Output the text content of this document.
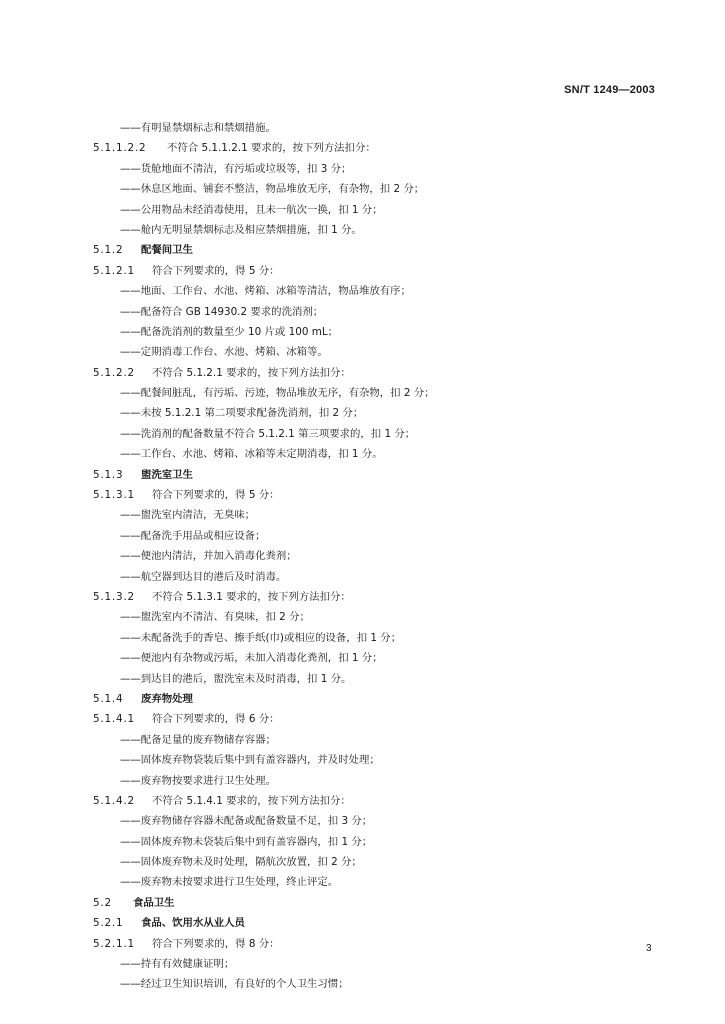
SN/T 1249—2003
——有明显禁烟标志和禁烟措施。
5.1.1.2.2 不符合 5.1.1.2.1 要求的，按下列方法扣分：
——货舱地面不清洁，有污垢或垃圾等，扣 3 分；
——休息区地面、铺套不整洁，物品堆放无序，有杂物，扣 2 分；
——公用物品未经消毒使用，且未一航次一换，扣 1 分；
——舱内无明显禁烟标志及相应禁烟措施，扣 1 分。
5.1.2 配餐间卫生
5.1.2.1 符合下列要求的，得 5 分：
——地面、工作台、水池、烤箱、冰箱等清洁，物品堆放有序；
——配备符合 GB 14930.2 要求的洗消剂；
——配备洗消剂的数量至少 10 片或 100 mL；
——定期消毒工作台、水池、烤箱、冰箱等。
5.1.2.2 不符合 5.1.2.1 要求的，按下列方法扣分：
——配餐间脏乱，有污垢、污迹，物品堆放无序，有杂物，扣 2 分；
——未按 5.1.2.1 第二项要求配备洗消剂，扣 2 分；
——洗消剂的配备数量不符合 5.1.2.1 第三项要求的，扣 1 分；
——工作台、水池、烤箱、冰箱等未定期消毒，扣 1 分。
5.1.3 盥洗室卫生
5.1.3.1 符合下列要求的，得 5 分：
——盥洗室内清洁，无臭味；
——配备洗手用品或相应设备；
——便池内清洁，并加入消毒化粪剂；
——航空器到达目的港后及时消毒。
5.1.3.2 不符合 5.1.3.1 要求的，按下列方法扣分：
——盥洗室内不清洁、有臭味，扣 2 分；
——未配备洗手的香皂、擦手纸(巾)或相应的设备，扣 1 分；
——便池内有杂物或污垢，未加入消毒化粪剂，扣 1 分；
——到达目的港后，盥洗室未及时消毒，扣 1 分。
5.1.4 废弃物处理
5.1.4.1 符合下列要求的，得 6 分：
——配备足量的废弃物储存容器；
——固体废弃物袋装后集中到有盖容器内，并及时处理；
——废弃物按要求进行卫生处理。
5.1.4.2 不符合 5.1.4.1 要求的，按下列方法扣分：
——废弃物储存容器未配备或配备数量不足，扣 3 分；
——固体废弃物未袋装后集中到有盖容器内，扣 1 分；
——固体废弃物未及时处理，隔航次放置，扣 2 分；
——废弃物未按要求进行卫生处理，终止评定。
5.2 食品卫生
5.2.1 食品、饮用水从业人员
5.2.1.1 符合下列要求的，得 8 分：
——持有有效健康证明；
——经过卫生知识培训，有良好的个人卫生习惯；
3
